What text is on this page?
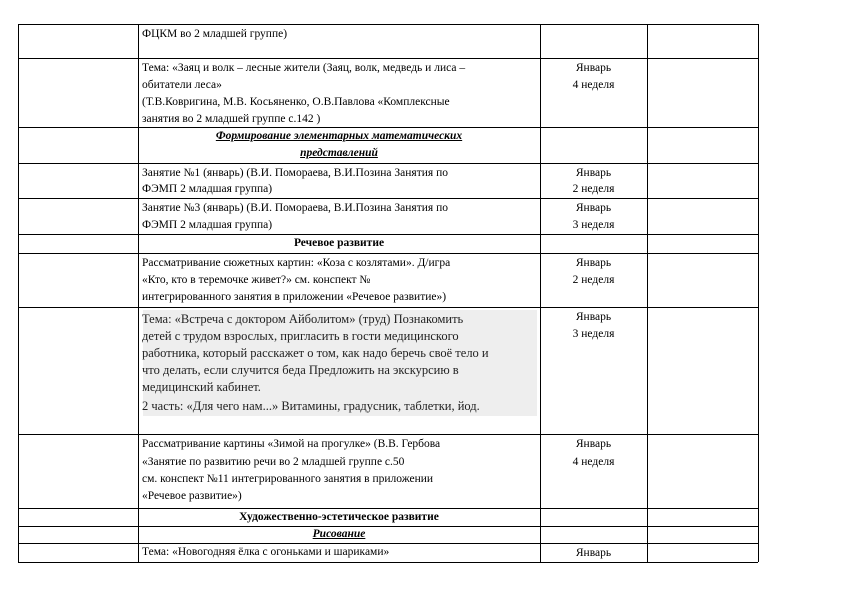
ФЦКМ во 2 младшей группе)
Тема: «Заяц и волк – лесные жители (Заяц, волк, медведь и лиса –
обитатели леса»
(Т.В.Ковригина, М.В. Косьяненко, О.В.Павлова «Комплексные
занятия во 2 младшей группе с.142 )
Январь
4 неделя
Формирование элементарных математических
представлений
Занятие №1 (январь) (В.И. Помораева, В.И.Позина Занятия по
ФЭМП 2 младшая группа)
Январь
2 неделя
Занятие №3 (январь) (В.И. Помораева, В.И.Позина Занятия по
ФЭМП 2 младшая группа)
Январь
3 неделя
Речевое развитие
Рассматривание сюжетных картин: «Коза с козлятами». Д/игра
«Кто, кто в теремочке живет?» см. конспект №
интегрированного занятия в приложении «Речевое развитие»)
Январь
2 неделя
Тема: «Встреча с доктором Айболитом» (труд) Познакомить
детей с трудом взрослых, пригласить в гости медицинского
работника, который расскажет о том, как надо беречь своё тело и
что делать, если случится беда Предложить на экскурсию в
медицинский кабинет.
2 часть: «Для чего нам...» Витамины, градусник, таблетки, йод.
Январь
3 неделя
Рассматривание картины «Зимой на прогулке» (В.В. Гербова
«Занятие по развитию речи во 2 младшей группе с.50
см. конспект №11 интегрированного занятия в приложении
«Речевое развитие»)
Январь
4 неделя
Художественно-эстетическое развитие
Рисование
Тема: «Новогодняя ёлка с огоньками и шариками»	Январь
